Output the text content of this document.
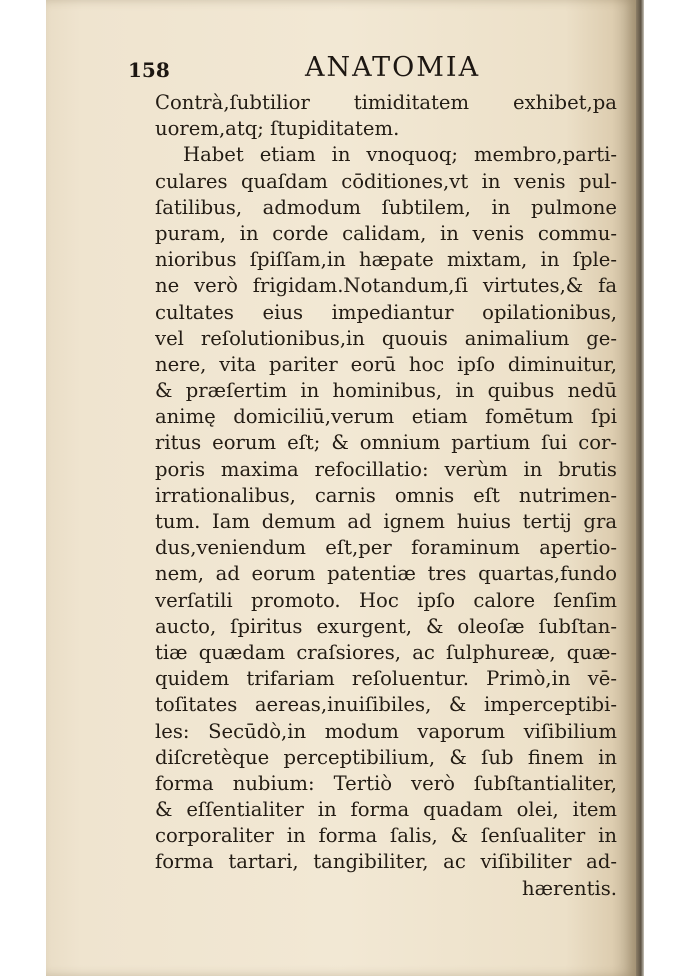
158	ANATOMIA
Contrà,ſubtilior timiditatem exhibet,pa
uorem,atq; ſtupiditatem.
Habet etiam in vnoquoq; membro,parti-
culares quaſdam cōditiones,vt in venis pul-
ſatilibus, admodum ſubtilem, in pulmone
puram, in corde calidam, in venis commu-
nioribus ſpiſſam,in hæpate mixtam, in ſple-
ne verò frigidam.Notandum,ſi virtutes,& fa
cultates eius impediantur opilationibus,
vel reſolutionibus,in quouis animalium ge-
nere, vita pariter eorū hoc ipſo diminuitur,
& præſertim in hominibus, in quibus nedū
animę domiciliū,verum etiam fomētum ſpi
ritus eorum eſt; & omnium partium ſui cor-
poris maxima refocillatio: verùm in brutis
irrationalibus, carnis omnis eſt nutrimen-
tum. Iam demum ad ignem huius tertij gra
dus,veniendum eſt,per foraminum apertio-
nem, ad eorum patentiæ tres quartas,fundo
verſatili promoto. Hoc ipſo calore ſenſim
aucto, ſpiritus exurgent, & oleoſæ ſubſtan-
tiæ quædam craſsiores, ac ſulphureæ, quæ-
quidem trifariam reſoluentur. Primò,in vē-
toſitates aereas,inuiſibiles, & imperceptibi-
les: Secūdò,in modum vaporum viſibilium
diſcretèque perceptibilium, & ſub finem in
forma nubium: Tertiò verò ſubſtantialiter,
& eſſentialiter in forma quadam olei, item
corporaliter in forma ſalis, & ſenſualiter in
forma tartari, tangibiliter, ac viſibiliter ad-
hærentis.
